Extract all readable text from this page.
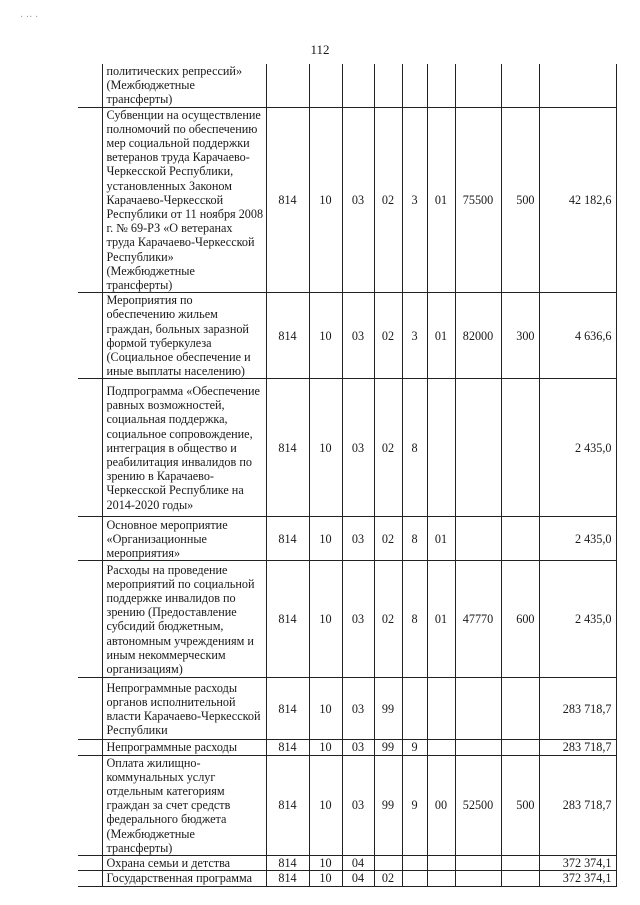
112
	политических репрессий» (Межбюджетные трансферты)									
	Субвенции на осуществление полномочий по обеспечению мер социальной поддержки ветеранов труда Карачаево-Черкесской Республики, установленных Законом Карачаево-Черкесской Республики от 11 ноября 2008 г. № 69-РЗ «О ветеранах труда Карачаево-Черкесской Республики» (Межбюджетные трансферты)	814	10	03	02	3	01	75500	500	42 182,6
	Мероприятия по обеспечению жильем граждан, больных заразной формой туберкулеза (Социальное обеспечение и иные выплаты населению)	814	10	03	02	3	01	82000	300	4 636,6
	Подпрограмма «Обеспечение равных возможностей, социальная поддержка, социальное сопровождение, интеграция в общество и реабилитация инвалидов по зрению в Карачаево-Черкесской Республике на 2014-2020 годы»	814	10	03	02	8				2 435,0
	Основное мероприятие «Организационные мероприятия»	814	10	03	02	8	01			2 435,0
	Расходы на проведение мероприятий по социальной поддержке инвалидов по зрению (Предоставление субсидий бюджетным, автономным учреждениям и иным некоммерческим организациям)	814	10	03	02	8	01	47770	600	2 435,0
	Непрограммные расходы органов исполнительной власти Карачаево-Черкесской Республики	814	10	03	99					283 718,7
	Непрограммные расходы	814	10	03	99	9				283 718,7
	Оплата жилищно-коммунальных услуг отдельным категориям граждан за счет средств федерального бюджета (Межбюджетные трансферты)	814	10	03	99	9	00	52500	500	283 718,7
	Охрана семьи и детства	814	10	04						372 374,1
	Государственная программа	814	10	04	02					372 374,1
· ·· ·
